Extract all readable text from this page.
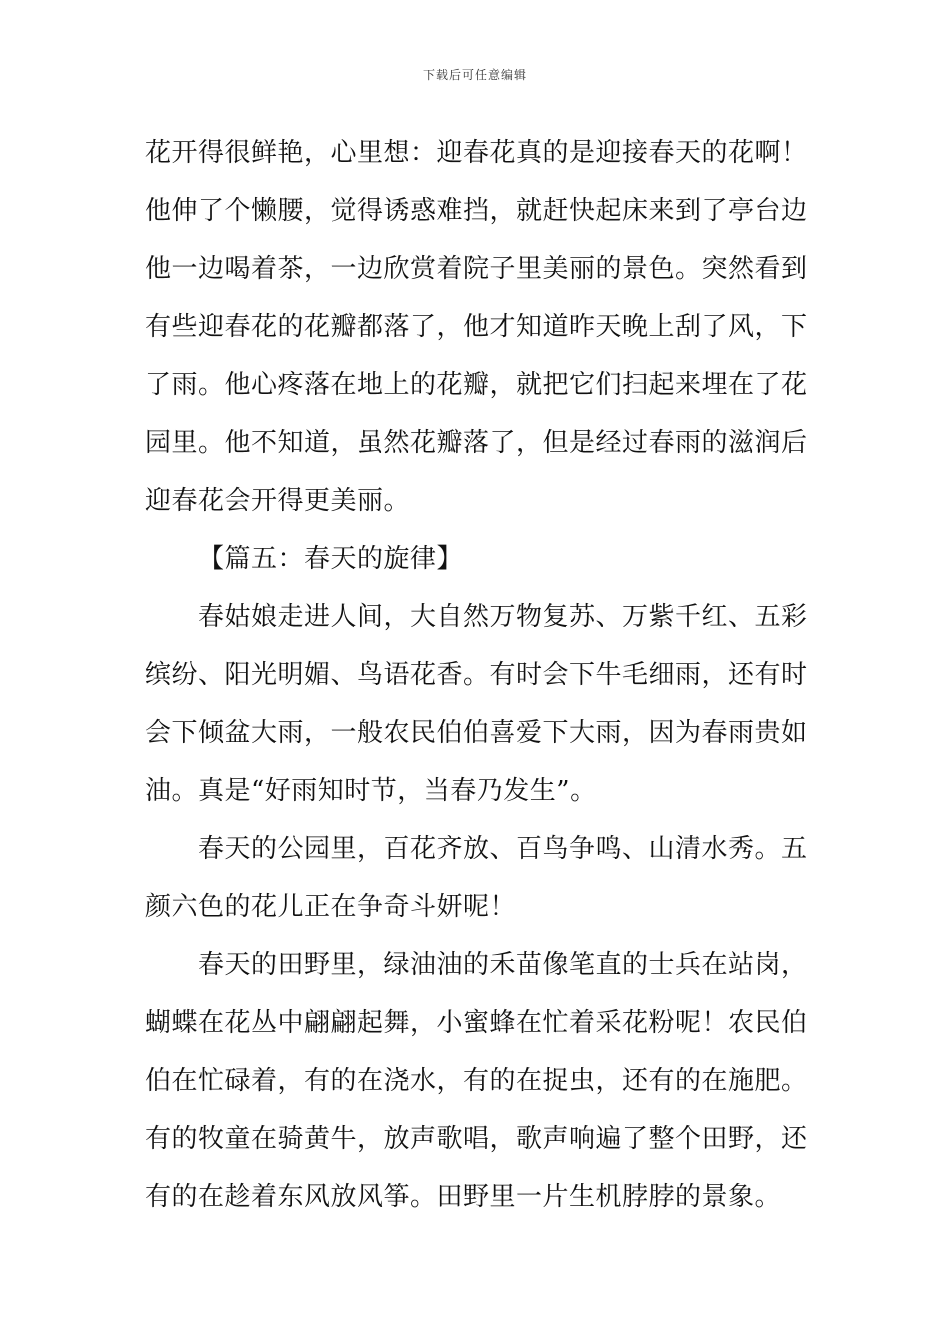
下载后可任意编辑
花开得很鲜艳，心里想：迎春花真的是迎接春天的花啊！
他伸了个懒腰，觉得诱惑难挡，就赶快起床来到了亭台边
他一边喝着茶，一边欣赏着院子里美丽的景色。突然看到
有些迎春花的花瓣都落了，他才知道昨天晚上刮了风，下
了雨。他心疼落在地上的花瓣，就把它们扫起来埋在了花
园里。他不知道，虽然花瓣落了，但是经过春雨的滋润后
迎春花会开得更美丽。
【篇五：春天的旋律】
春姑娘走进人间，大自然万物复苏、万紫千红、五彩
缤纷、阳光明媚、鸟语花香。有时会下牛毛细雨，还有时
会下倾盆大雨，一般农民伯伯喜爱下大雨，因为春雨贵如
油。真是“好雨知时节，当春乃发生”。
春天的公园里，百花齐放、百鸟争鸣、山清水秀。五
颜六色的花儿正在争奇斗妍呢！
春天的田野里，绿油油的禾苗像笔直的士兵在站岗，
蝴蝶在花丛中翩翩起舞，小蜜蜂在忙着采花粉呢！农民伯
伯在忙碌着，有的在浇水，有的在捉虫，还有的在施肥。
有的牧童在骑黄牛，放声歌唱，歌声响遍了整个田野，还
有的在趁着东风放风筝。田野里一片生机脖脖的景象。
